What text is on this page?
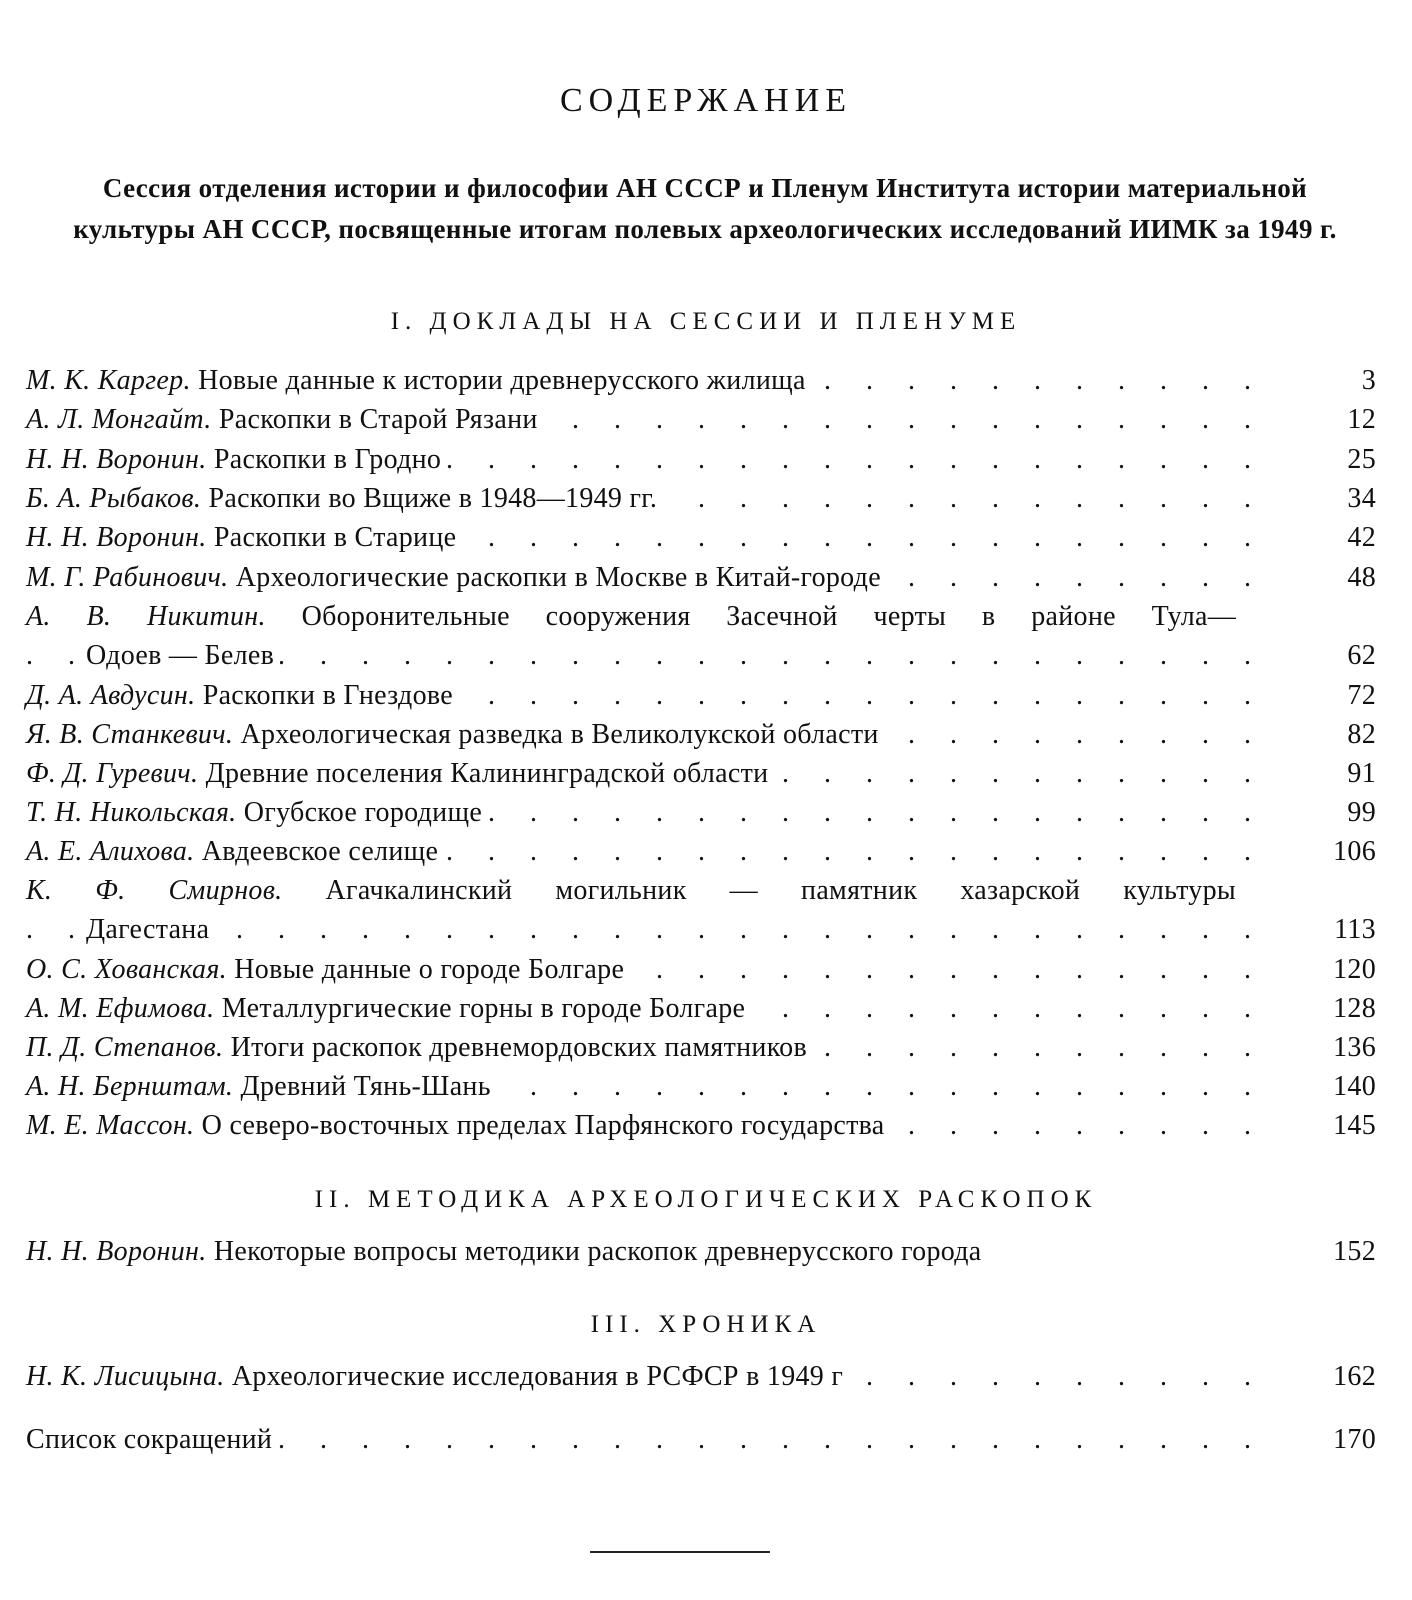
СОДЕРЖАНИЕ
Сессия отделения истории и философии АН СССР и Пленум Института истории материальной культуры АН СССР, посвященные итогам полевых археологических исследований ИИМК за 1949 г.
I. ДОКЛАДЫ НА СЕССИИ И ПЛЕНУМЕ
. . .
М. К. Каргер. Новые данные к истории древнерусского жилища	3
. . .
А. Л. Монгайт. Раскопки в Старой Рязани	12
. . .
Н. Н. Воронин. Раскопки в Гродно	25
. . .
Б. А. Рыбаков. Раскопки во Вщиже в 1948—1949 гг.	34
. . .
Н. Н. Воронин. Раскопки в Старице	42
. . .
М. Г. Рабинович. Археологические раскопки в Москве в Китай-городе	48
А. В. Никитин. Оборонительные сооружения Засечной черты в районе Тула—
. . .
Одоев — Белев	62
. . .
Д. А. Авдусин. Раскопки в Гнездове	72
. . .
Я. В. Станкевич. Археологическая разведка в Великолукской области	82
. . .
Ф. Д. Гуревич. Древние поселения Калининградской области	91
. . .
Т. Н. Никольская. Огубское городище	99
. . .
А. Е. Алихова. Авдеевское селище	106
К. Ф. Смирнов. Агачкалинский могильник — памятник хазарской культуры
. . .
Дагестана	113
. . .
О. С. Хованская. Новые данные о городе Болгаре	120
. . .
А. М. Ефимова. Металлургические горны в городе Болгаре	128
. . .
П. Д. Степанов. Итоги раскопок древнемордовских памятников	136
. . .
А. Н. Бернштам. Древний Тянь-Шань	140
. . .
М. Е. Массон. О северо-восточных пределах Парфянского государства	145
II. МЕТОДИКА АРХЕОЛОГИЧЕСКИХ РАСКОПОК
Н. Н. Воронин. Некоторые вопросы методики раскопок древнерусского города	152
III. ХРОНИКА
. . .
Н. К. Лисицына. Археологические исследования в РСФСР в 1949 г	162
. . .
Список сокращений	170
